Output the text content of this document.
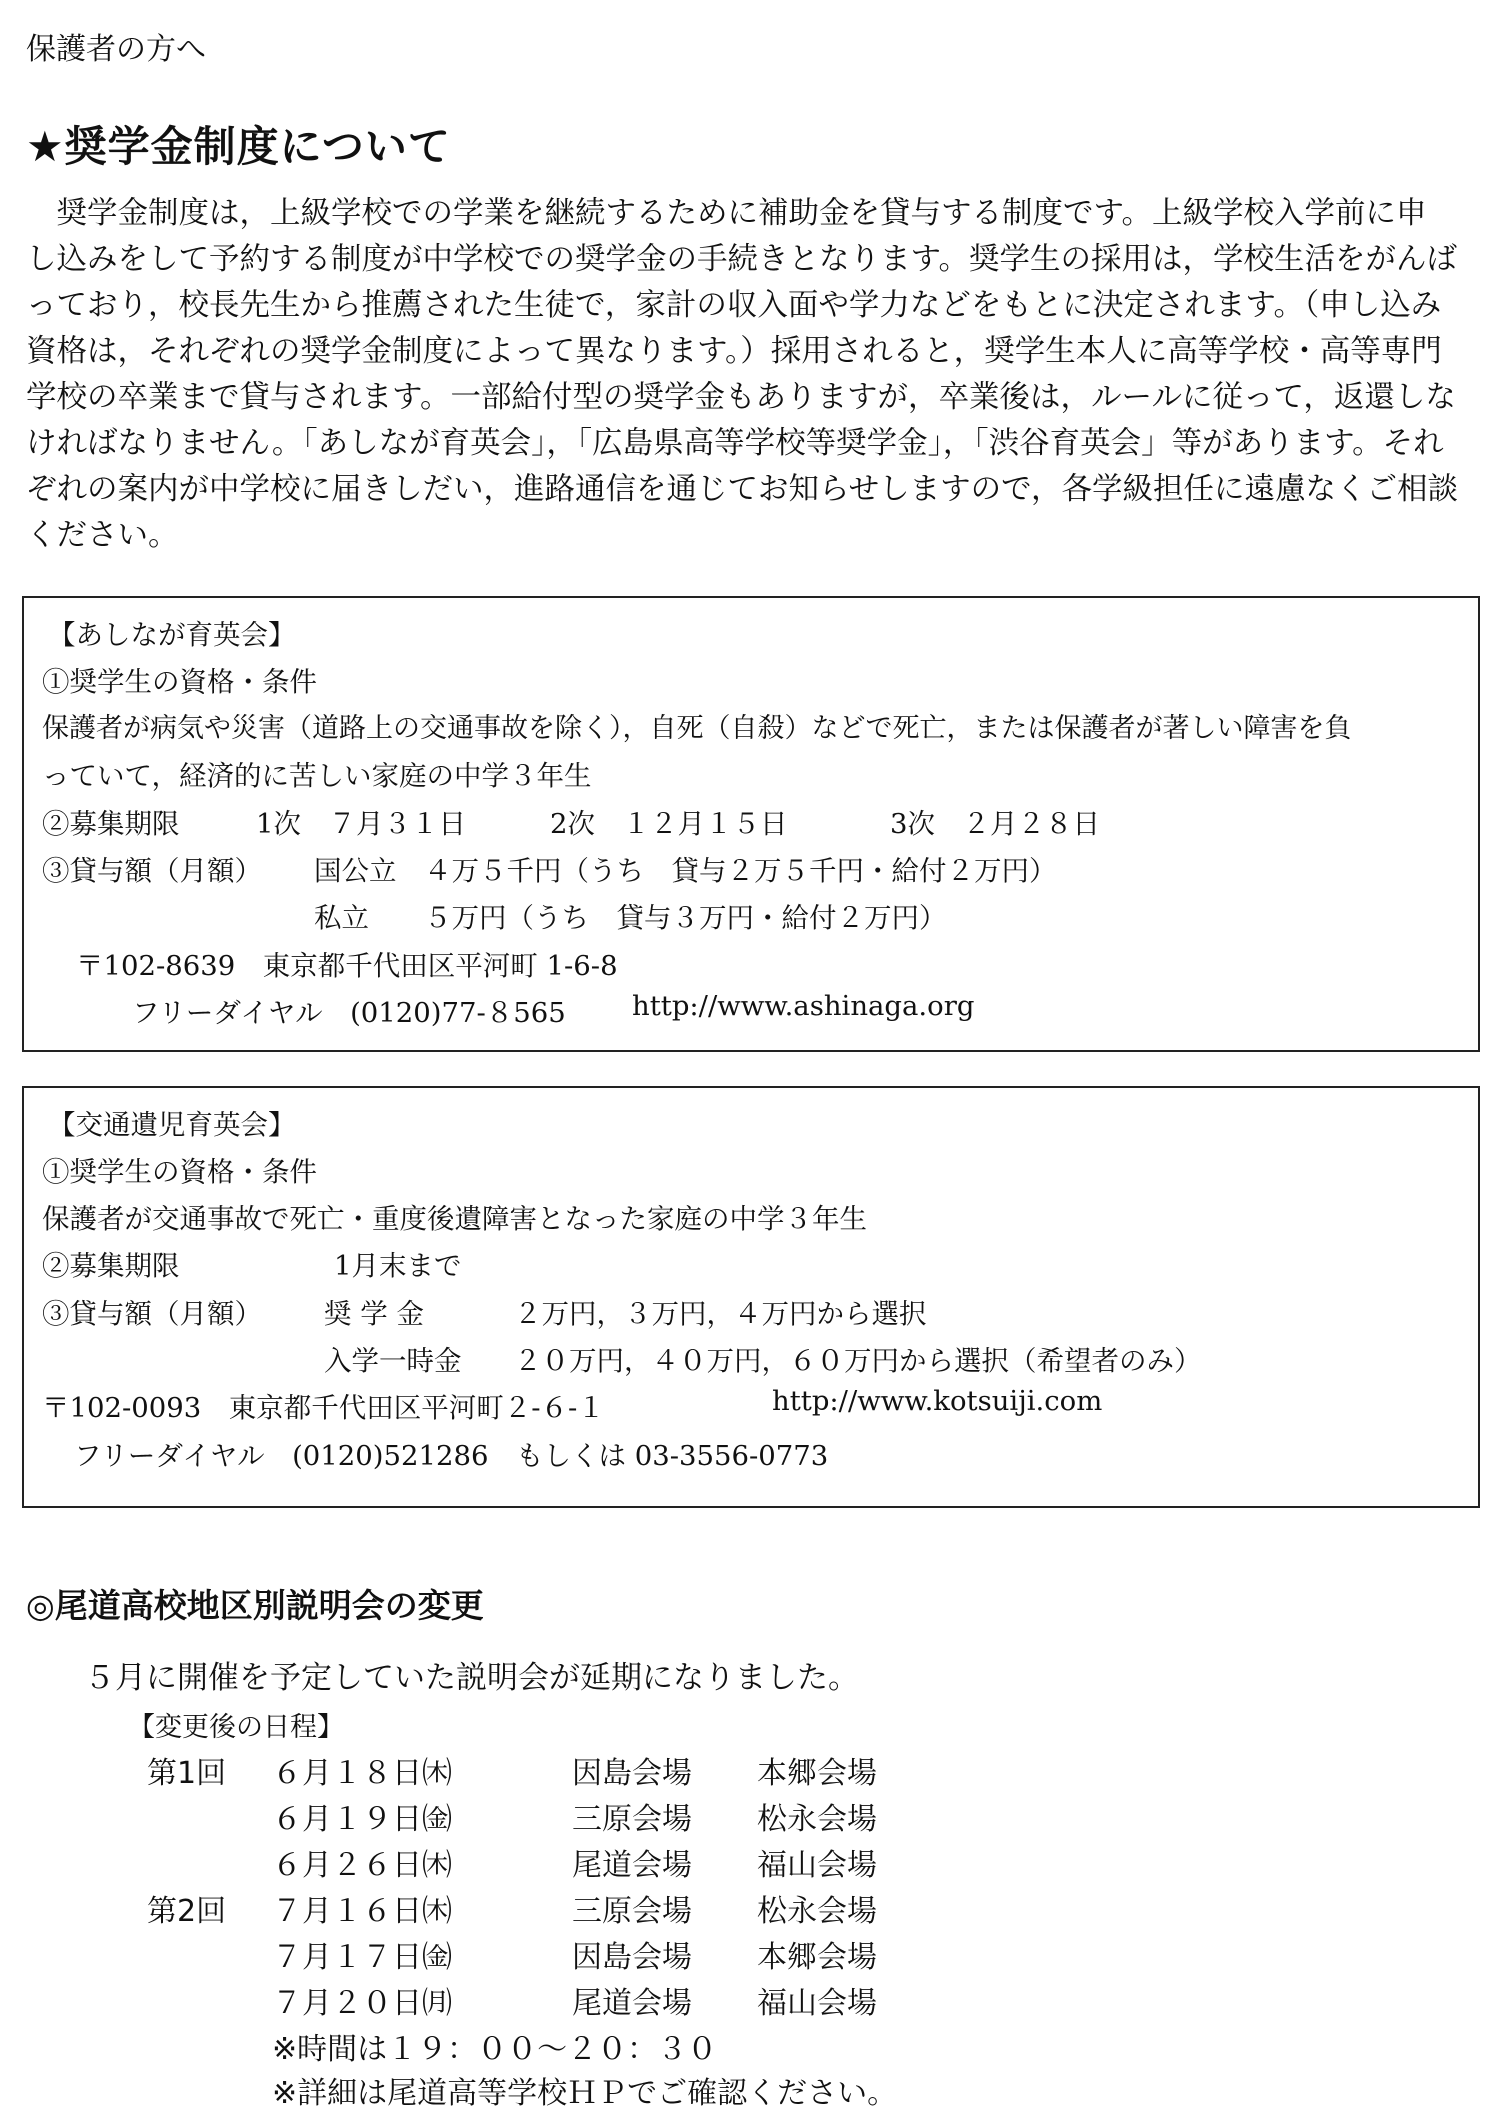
保護者の方へ
★奨学金制度について
　奨学金制度は，上級学校での学業を継続するために補助金を貸与する制度です。上級学校入学前に申
し込みをして予約する制度が中学校での奨学金の手続きとなります。奨学生の採用は，学校生活をがんば
っており，校長先生から推薦された生徒で，家計の収入面や学力などをもとに決定されます。（申し込み
資格は，それぞれの奨学金制度によって異なります。）採用されると，奨学生本人に高等学校・高等専門
学校の卒業まで貸与されます。一部給付型の奨学金もありますが，卒業後は，ルールに従って，返還しな
ければなりません。「あしなが育英会」，「広島県高等学校等奨学金」，「渋谷育英会」等があります。それ
ぞれの案内が中学校に届きしだい，進路通信を通じてお知らせしますので，各学級担任に遠慮なくご相談
ください。
【あしなが育英会】
①奨学生の資格・条件
保護者が病気や災害（道路上の交通事故を除く），自死（自殺）などで死亡，または保護者が著しい障害を負
っていて，経済的に苦しい家庭の中学３年生
②募集期限	1次　７月３１日	2次　１２月１５日	3次　２月２８日
③貸与額（月額） 国公立　４万５千円（うち　貸与２万５千円・給付２万円）
私立　　５万円（うち　貸与３万円・給付２万円）
〒102-8639　東京都千代田区平河町 1-6-8
フリーダイヤル　(0120)77-８565 http://www.ashinaga.org
【交通遺児育英会】
①奨学生の資格・条件
保護者が交通事故で死亡・重度後遺障害となった家庭の中学３年生
②募集期限	1月末まで
③貸与額（月額） 奨 学 金	２万円，３万円，４万円から選択
入学一時金 ２０万円，４０万円，６０万円から選択（希望者のみ）
〒102-0093　東京都千代田区平河町２-６-１	http://www.kotsuiji.com
フリーダイヤル　(0120)521286　もしくは 03-3556-0773
◎尾道高校地区別説明会の変更
５月に開催を予定していた説明会が延期になりました。
【変更後の日程】
第1回 ６月１８日㈭	因島会場 本郷会場
６月１９日㈮	三原会場 松永会場
６月２６日㈭	尾道会場 福山会場
第2回 ７月１６日㈭	三原会場 松永会場
７月１７日㈮	因島会場 本郷会場
７月２０日㈪	尾道会場 福山会場
※時間は１９：００～２０：３０
※詳細は尾道高等学校ＨＰでご確認ください。
